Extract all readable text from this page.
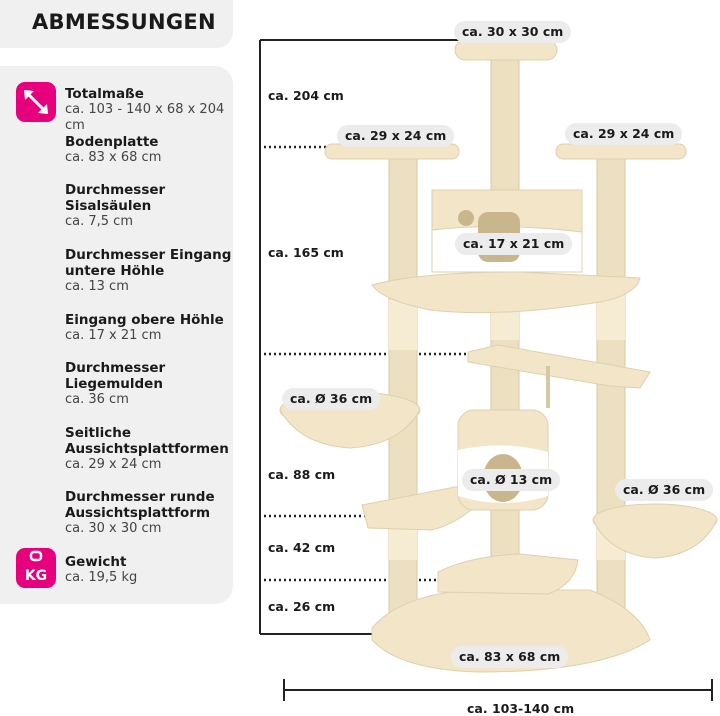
ABMESSUNGEN
Totalmaße
ca. 103 - 140 x 68 x 204 cm
Bodenplatte
ca. 83 x 68 cm
Durchmesser
Sisalsäulen
ca. 7,5 cm
Durchmesser Eingang
untere Höhle
ca. 13 cm
Eingang obere Höhle
ca. 17 x 21 cm
Durchmesser
Liegemulden
ca. 36 cm
Seitliche
Aussichtsplattformen
ca. 29 x 24 cm
Durchmesser runde
Aussichtsplattform
ca. 30 x 30 cm
KG
Gewicht
ca. 19,5 kg
ca. 204 cm
ca. 165 cm
ca. 88 cm
ca. 42 cm
ca. 26 cm
ca. 30 x 30 cm
ca. 29 x 24 cm	ca. 29 x 24 cm
ca. 17 x 21 cm
ca. Ø 36 cm
ca. Ø 13 cm
ca. Ø 36 cm
ca. 83 x 68 cm
ca. 103-140 cm
